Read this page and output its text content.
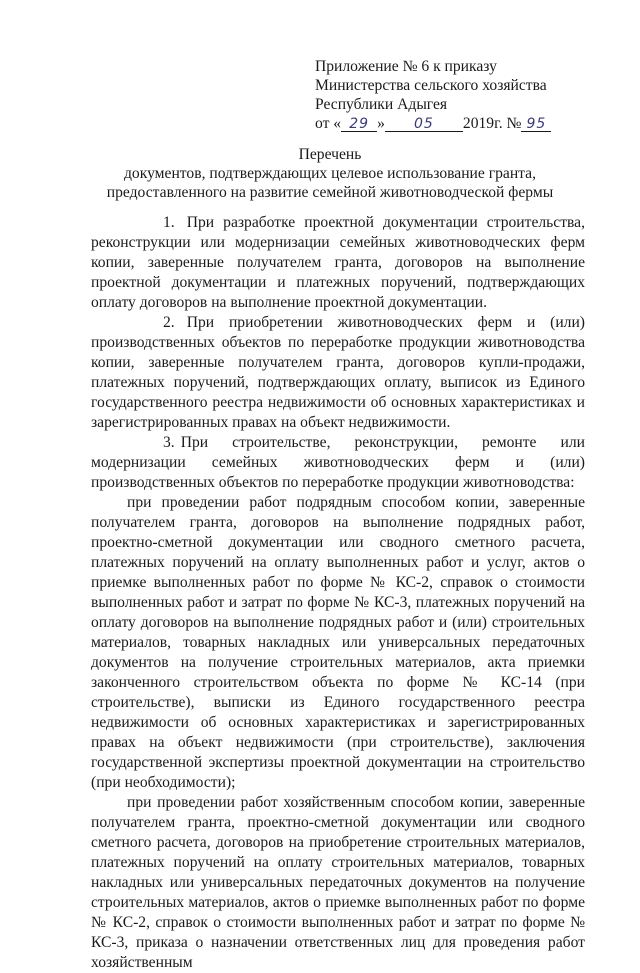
Приложение № 6 к приказу
Министерства сельского хозяйства
Республики Адыгея
от « 29 » 05 2019г. № 95
Перечень
документов, подтверждающих целевое использование гранта,
предоставленного на развитие семейной животноводческой фермы

1. При разработке проектной документации строительства, реконструкции или модернизации семейных животноводческих ферм копии, заверенные получателем гранта, договоров на выполнение проектной документации и платежных поручений, подтверждающих оплату договоров на выполнение проектной документации.

2. При приобретении животноводческих ферм и (или) производственных объектов по переработке продукции животноводства копии, заверенные получателем гранта, договоров купли-продажи, платежных поручений, подтверждающих оплату, выписок из Единого государственного реестра недвижимости об основных характеристиках и зарегистрированных правах на объект недвижимости.

3. При строительстве, реконструкции, ремонте или модернизации семейных животноводческих ферм и (или) производственных объектов по переработке продукции животноводства:

при проведении работ подрядным способом копии, заверенные получателем гранта, договоров на выполнение подрядных работ, проектно-сметной документации или сводного сметного расчета, платежных поручений на оплату выполненных работ и услуг, актов о приемке выполненных работ по форме № КС-2, справок о стоимости выполненных работ и затрат по форме № КС-3, платежных поручений на оплату договоров на выполнение подрядных работ и (или) строительных материалов, товарных накладных или универсальных передаточных документов на получение строительных материалов, акта приемки законченного строительством объекта по форме № КС-14 (при строительстве), выписки из Единого государственного реестра недвижимости об основных характеристиках и зарегистрированных правах на объект недвижимости (при строительстве), заключения государственной экспертизы проектной документации на строительство (при необходимости);

при проведении работ хозяйственным способом копии, заверенные получателем гранта, проектно-сметной документации или сводного сметного расчета, договоров на приобретение строительных материалов, платежных поручений на оплату строительных материалов, товарных накладных или универсальных передаточных документов на получение строительных материалов, актов о приемке выполненных работ по форме № КС-2, справок о стоимости выполненных работ и затрат по форме № КС-3, приказа о назначении ответственных лиц для проведения работ хозяйственным
